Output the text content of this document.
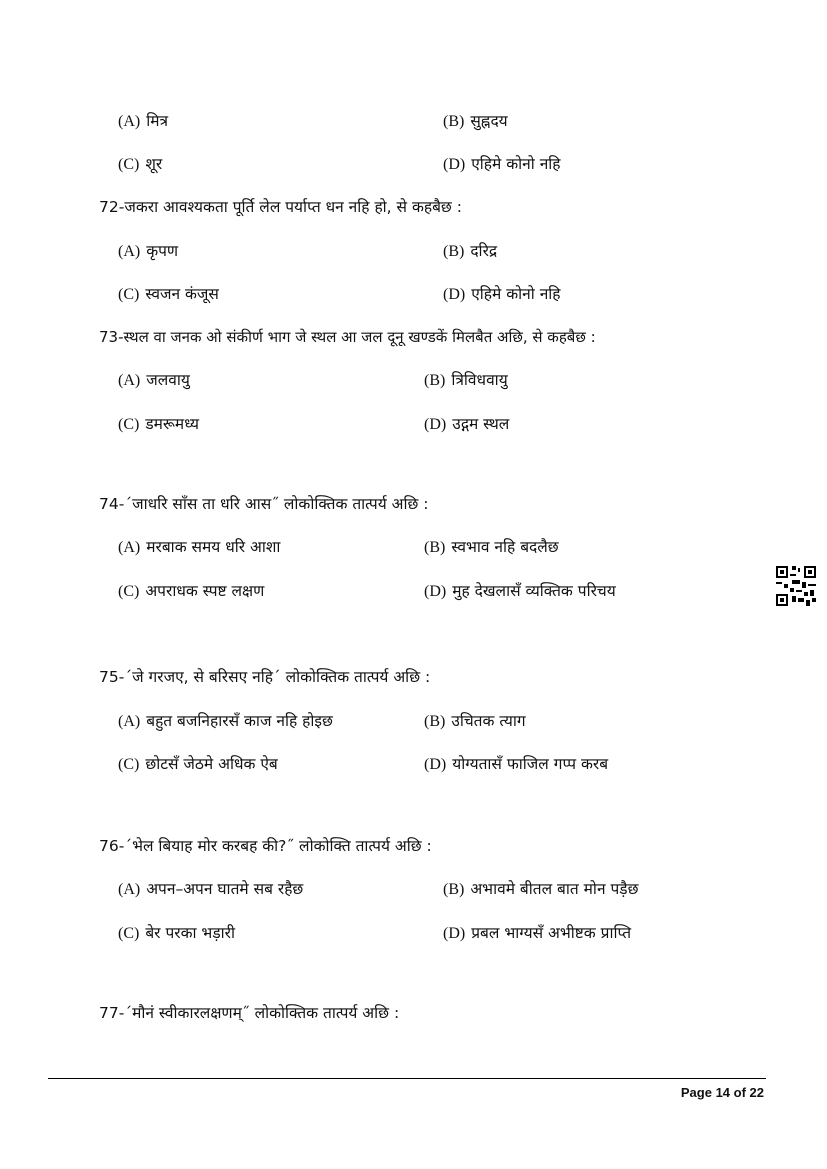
(A) मित्र	(B) सुह्नदय
(C) शूर	(D) एहिमे कोनो नहि
72-जकरा आवश्यकता पूर्ति लेल पर्याप्त धन नहि हो, से कहबैछ :
(A) कृपण	(B) दरिद्र
(C) स्वजन कंजूस	(D) एहिमे कोनो नहि
73-स्थल वा जनक ओ संकीर्ण भाग जे स्थल आ जल दूनू खण्डकें मिलबैत अछि, से कहबैछ :
(A) जलवायु	(B) त्रिविधवायु
(C) डमरूमध्य	(D) उद्गम स्थल
74-´जाधरि साँस ता धरि आस˝ लोकोक्तिक तात्पर्य अछि :
(A) मरबाक समय धरि आशा	(B) स्वभाव नहि बदलैछ
(C) अपराधक स्पष्ट लक्षण	(D) मुह देखलासँ व्यक्तिक परिचय
75-´जे गरजए, से बरिसए नहि´ लोकोक्तिक तात्पर्य अछि :
(A) बहुत बजनिहारसँ काज नहि होइछ	(B) उचितक त्याग
(C) छोटसँ जेठमे अधिक ऐब	(D) योग्यतासँ फाजिल गप्प करब
76-´भेल बियाह मोर करबह की?˝ लोकोक्ति तात्पर्य अछि :
(A) अपन–अपन घातमे सब रहैछ	(B) अभावमे बीतल बात मोन पड़ैछ
(C) बेर परका भड़ारी	(D) प्रबल भाग्यसँ अभीष्टक प्राप्ति
77-´मौनं स्वीकारलक्षणम्˝ लोकोक्तिक तात्पर्य अछि :
Page 14 of 22
